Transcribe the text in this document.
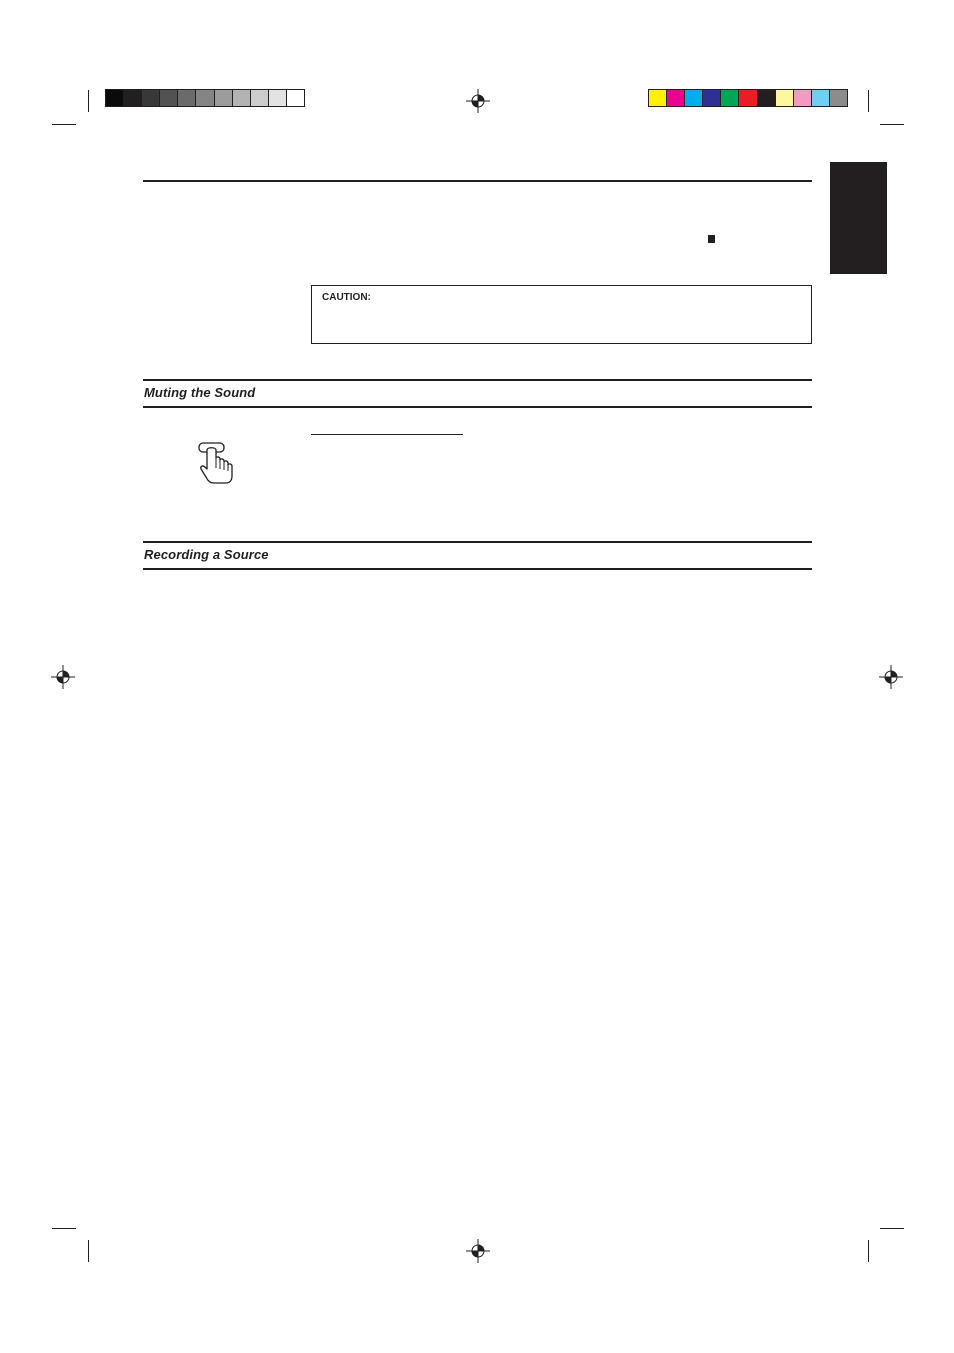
CAUTION:
Muting the Sound
Recording a Source
